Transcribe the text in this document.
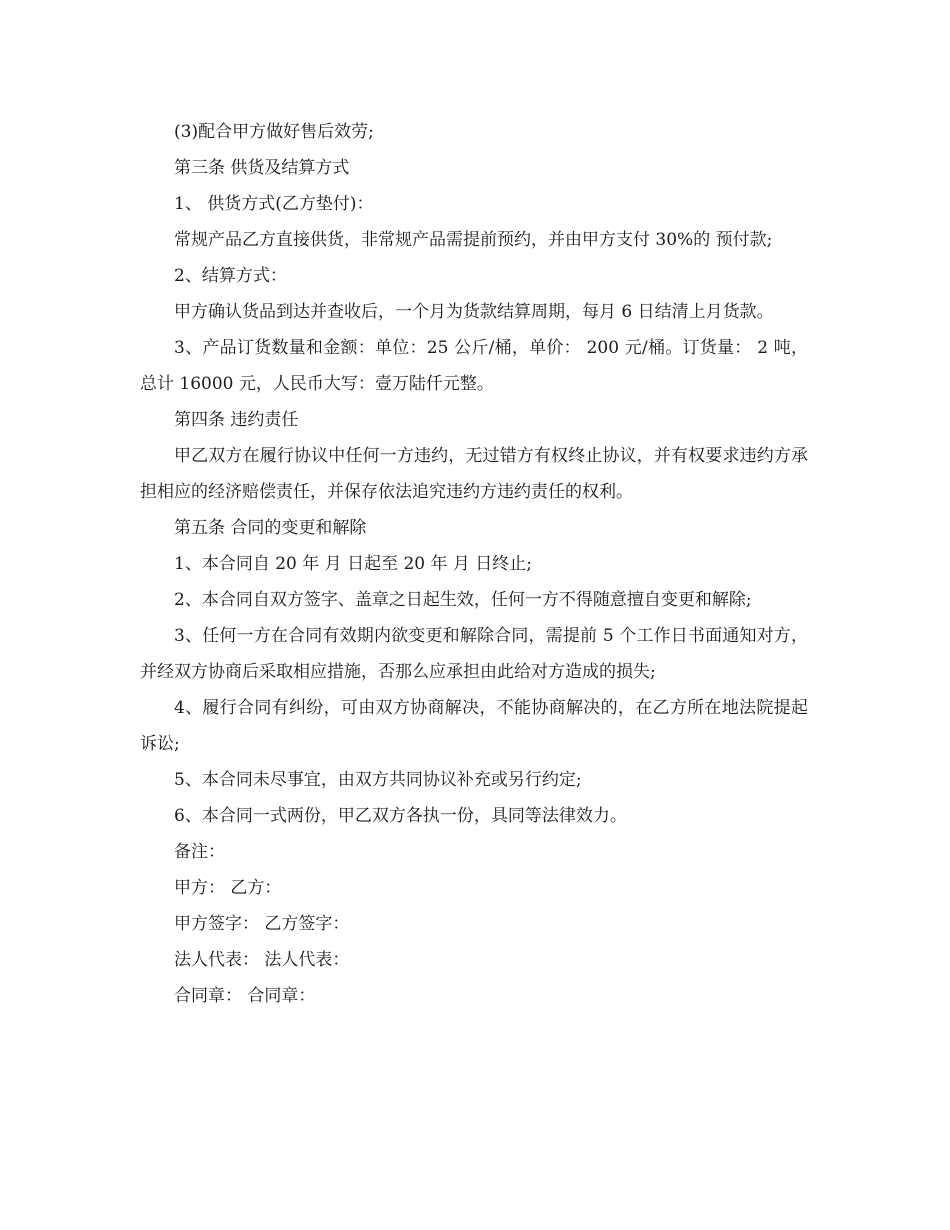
(3)配合甲方做好售后效劳;

第三条 供货及结算方式

1、 供货方式(乙方垫付)：

常规产品乙方直接供货，非常规产品需提前预约，并由甲方支付 30%的 预付款;

2、结算方式：

甲方确认货品到达并查收后，一个月为货款结算周期，每月 6 日结清上月货款。

3、产品订货数量和金额：单位：25 公斤/桶，单价： 200 元/桶。订货量： 2 吨， 总计 16000 元，人民币大写：壹万陆仟元整。

第四条 违约责任

甲乙双方在履行协议中任何一方违约，无过错方有权终止协议，并有权要求违约方承担相应的经济赔偿责任，并保存依法追究违约方违约责任的权利。

第五条 合同的变更和解除

1、本合同自 20 年 月 日起至 20 年 月 日终止;

2、本合同自双方签字、盖章之日起生效，任何一方不得随意擅自变更和解除;

3、任何一方在合同有效期内欲变更和解除合同，需提前 5 个工作日书面通知对方，并经双方协商后采取相应措施，否那么应承担由此给对方造成的损失;

4、履行合同有纠纷，可由双方协商解决，不能协商解决的，在乙方所在地法院提起诉讼;

5、本合同未尽事宜，由双方共同协议补充或另行约定;

6、本合同一式两份，甲乙双方各执一份，具同等法律效力。

备注：

甲方： 乙方：

甲方签字： 乙方签字：

法人代表： 法人代表：

合同章： 合同章：
